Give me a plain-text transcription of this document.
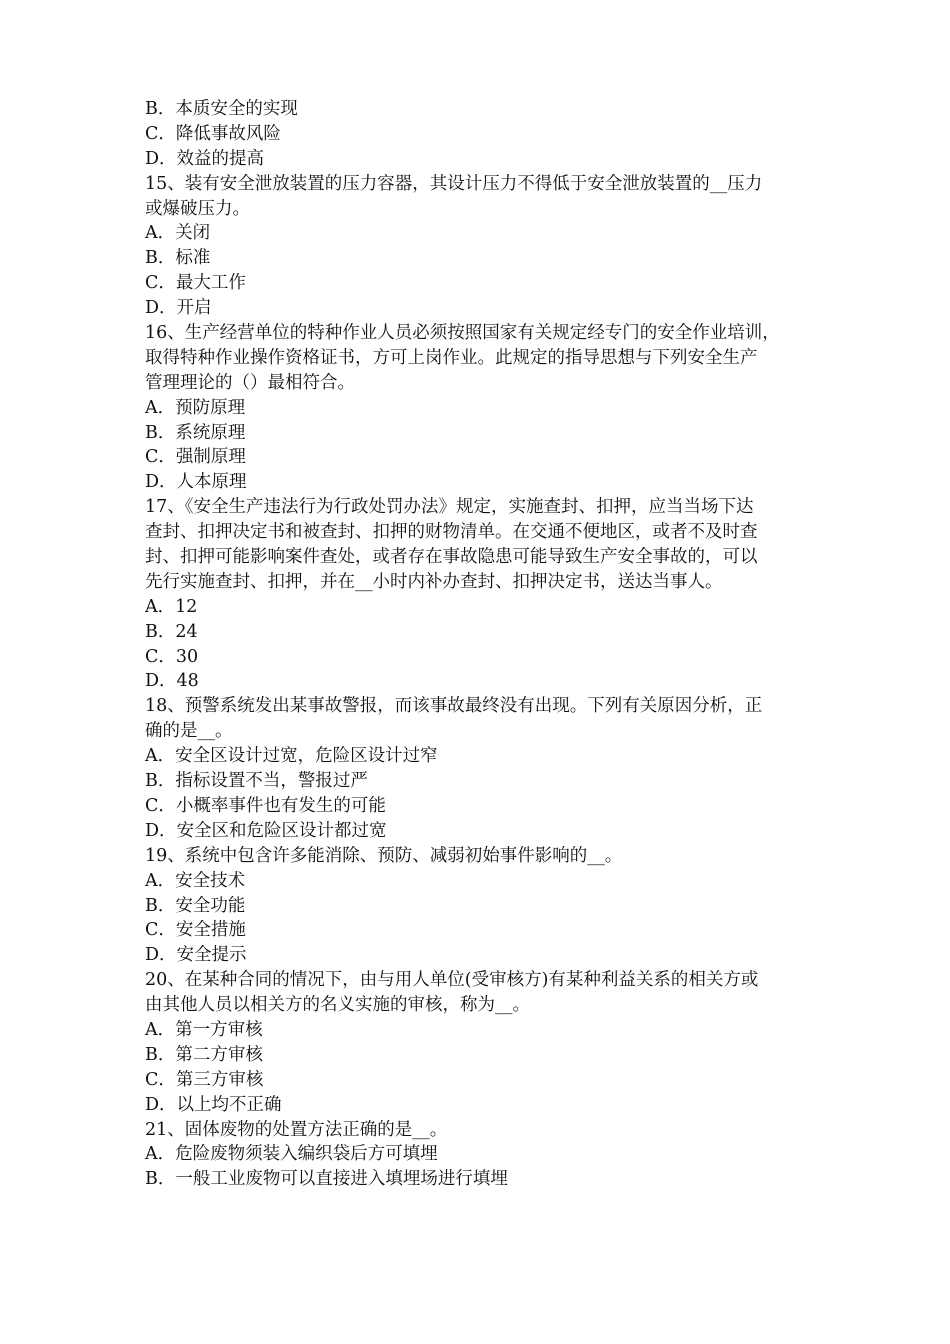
B．本质安全的实现
C．降低事故风险
D．效益的提高
15、装有安全泄放装置的压力容器，其设计压力不得低于安全泄放装置的__压力
或爆破压力。
A．关闭
B．标准
C．最大工作
D．开启
16、生产经营单位的特种作业人员必须按照国家有关规定经专门的安全作业培训，
取得特种作业操作资格证书，方可上岗作业。此规定的指导思想与下列安全生产
管理理论的（）最相符合。
A．预防原理
B．系统原理
C．强制原理
D．人本原理
17、《安全生产违法行为行政处罚办法》规定，实施查封、扣押，应当当场下达
查封、扣押决定书和被查封、扣押的财物清单。在交通不便地区，或者不及时查
封、扣押可能影响案件查处，或者存在事故隐患可能导致生产安全事故的，可以
先行实施查封、扣押，并在__小时内补办查封、扣押决定书，送达当事人。
A．12
B．24
C．30
D．48
18、预警系统发出某事故警报，而该事故最终没有出现。下列有关原因分析，正
确的是__。
A．安全区设计过宽，危险区设计过窄
B．指标设置不当，警报过严
C．小概率事件也有发生的可能
D．安全区和危险区设计都过宽
19、系统中包含许多能消除、预防、减弱初始事件影响的__。
A．安全技术
B．安全功能
C．安全措施
D．安全提示
20、在某种合同的情况下，由与用人单位(受审核方)有某种利益关系的相关方或
由其他人员以相关方的名义实施的审核，称为__。
A．第一方审核
B．第二方审核
C．第三方审核
D．以上均不正确
21、固体废物的处置方法正确的是__。
A．危险废物须装入编织袋后方可填埋
B．一般工业废物可以直接进入填埋场进行填埋
